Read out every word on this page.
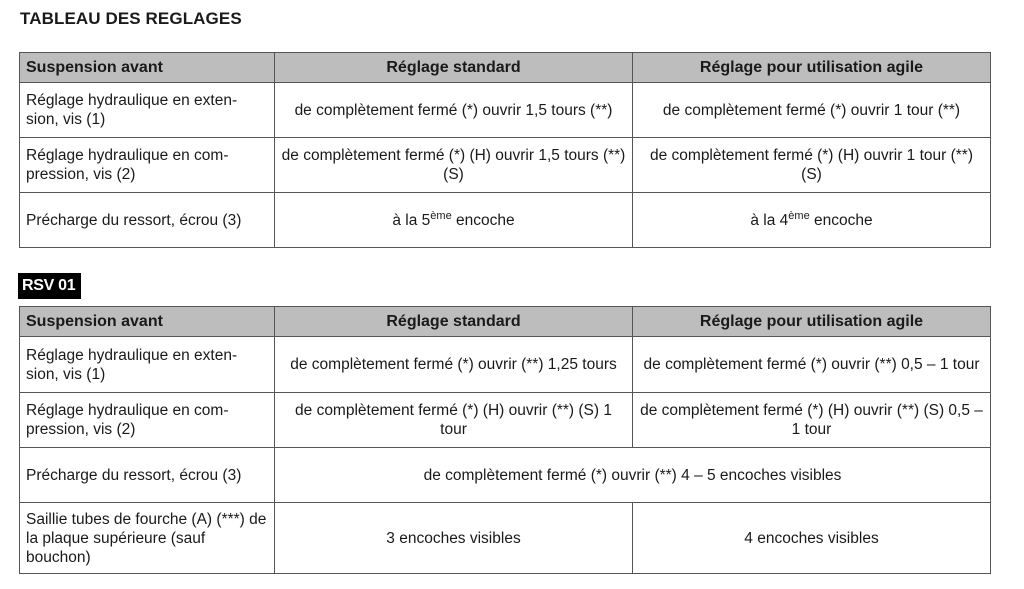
TABLEAU DES REGLAGES
Suspension avant	Réglage standard	Réglage pour utilisation agile
Réglage hydraulique en exten-sion, vis (1)	de complètement fermé (*) ouvrir 1,5 tours (**)	de complètement fermé (*) ouvrir 1 tour (**)
Réglage hydraulique en com-pression, vis (2)	de complètement fermé (*) (H) ouvrir 1,5 tours (**) (S)	de complètement fermé (*) (H) ouvrir 1 tour (**) (S)
Précharge du ressort, écrou (3)	à la 5ème encoche	à la 4ème encoche
RSV 01
Suspension avant	Réglage standard	Réglage pour utilisation agile
Réglage hydraulique en exten-sion, vis (1)	de complètement fermé (*) ouvrir (**) 1,25 tours	de complètement fermé (*) ouvrir (**) 0,5 – 1 tour
Réglage hydraulique en com-pression, vis (2)	de complètement fermé (*) (H) ouvrir (**) (S) 1 tour	de complètement fermé (*) (H) ouvrir (**) (S) 0,5 – 1 tour
Précharge du ressort, écrou (3)	de complètement fermé (*) ouvrir (**) 4 – 5 encoches visibles	
Saillie tubes de fourche (A) (***) de la plaque supérieure (sauf bouchon)	3 encoches visibles	4 encoches visibles
